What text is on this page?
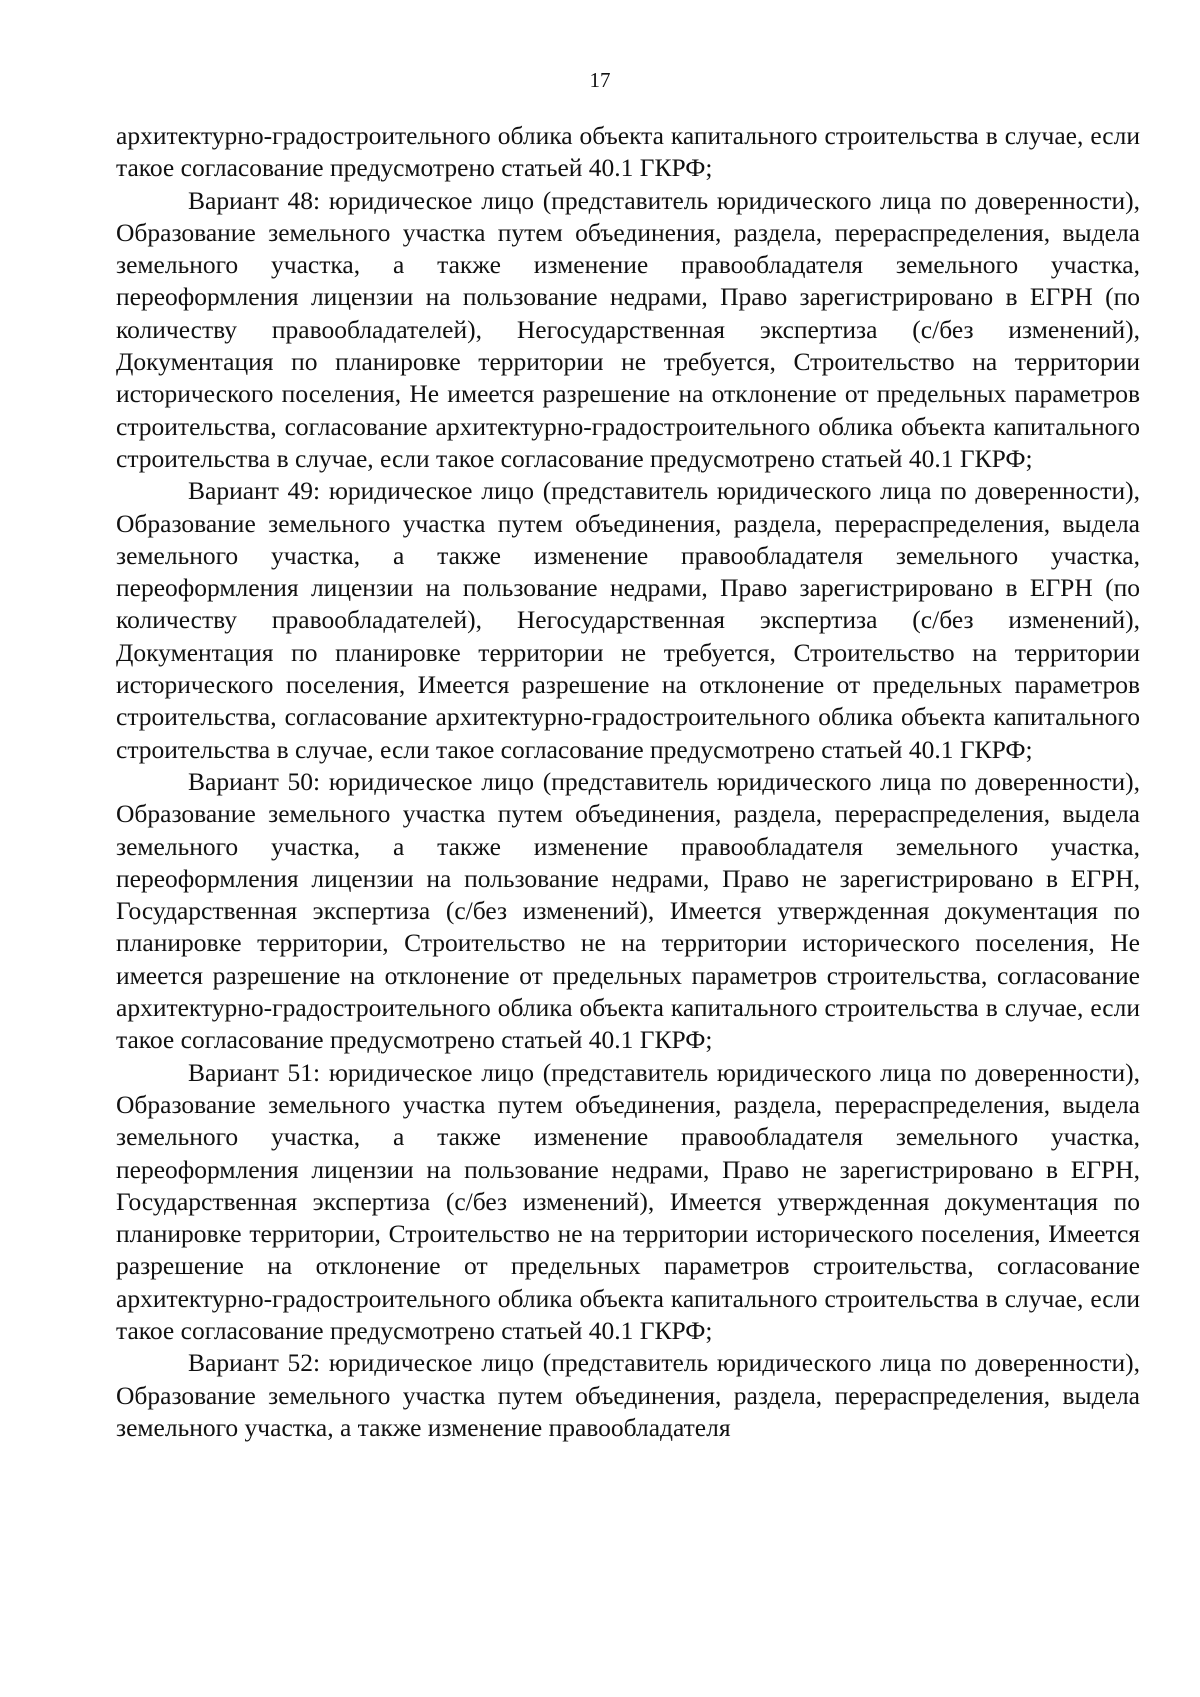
17

архитектурно-градостроительного облика объекта капитального строительства в случае, если такое согласование предусмотрено статьей 40.1 ГКРФ;

Вариант 48: юридическое лицо (представитель юридического лица по доверенности), Образование земельного участка путем объединения, раздела, перераспределения, выдела земельного участка, а также изменение правообладателя земельного участка, переоформления лицензии на пользование недрами, Право зарегистрировано в ЕГРН (по количеству правообладателей), Негосударственная экспертиза (с/без изменений), Документация по планировке территории не требуется, Строительство на территории исторического поселения, Не имеется разрешение на отклонение от предельных параметров строительства, согласование архитектурно-градостроительного облика объекта капитального строительства в случае, если такое согласование предусмотрено статьей 40.1 ГКРФ;

Вариант 49: юридическое лицо (представитель юридического лица по доверенности), Образование земельного участка путем объединения, раздела, перераспределения, выдела земельного участка, а также изменение правообладателя земельного участка, переоформления лицензии на пользование недрами, Право зарегистрировано в ЕГРН (по количеству правообладателей), Негосударственная экспертиза (с/без изменений), Документация по планировке территории не требуется, Строительство на территории исторического поселения, Имеется разрешение на отклонение от предельных параметров строительства, согласование архитектурно-градостроительного облика объекта капитального строительства в случае, если такое согласование предусмотрено статьей 40.1 ГКРФ;

Вариант 50: юридическое лицо (представитель юридического лица по доверенности), Образование земельного участка путем объединения, раздела, перераспределения, выдела земельного участка, а также изменение правообладателя земельного участка, переоформления лицензии на пользование недрами, Право не зарегистрировано в ЕГРН, Государственная экспертиза (с/без изменений), Имеется утвержденная документация по планировке территории, Строительство не на территории исторического поселения, Не имеется разрешение на отклонение от предельных параметров строительства, согласование архитектурно-градостроительного облика объекта капитального строительства в случае, если такое согласование предусмотрено статьей 40.1 ГКРФ;

Вариант 51: юридическое лицо (представитель юридического лица по доверенности), Образование земельного участка путем объединения, раздела, перераспределения, выдела земельного участка, а также изменение правообладателя земельного участка, переоформления лицензии на пользование недрами, Право не зарегистрировано в ЕГРН, Государственная экспертиза (с/без изменений), Имеется утвержденная документация по планировке территории, Строительство не на территории исторического поселения, Имеется разрешение на отклонение от предельных параметров строительства, согласование архитектурно-градостроительного облика объекта капитального строительства в случае, если такое согласование предусмотрено статьей 40.1 ГКРФ;

Вариант 52: юридическое лицо (представитель юридического лица по доверенности), Образование земельного участка путем объединения, раздела, перераспределения, выдела земельного участка, а также изменение правообладателя
